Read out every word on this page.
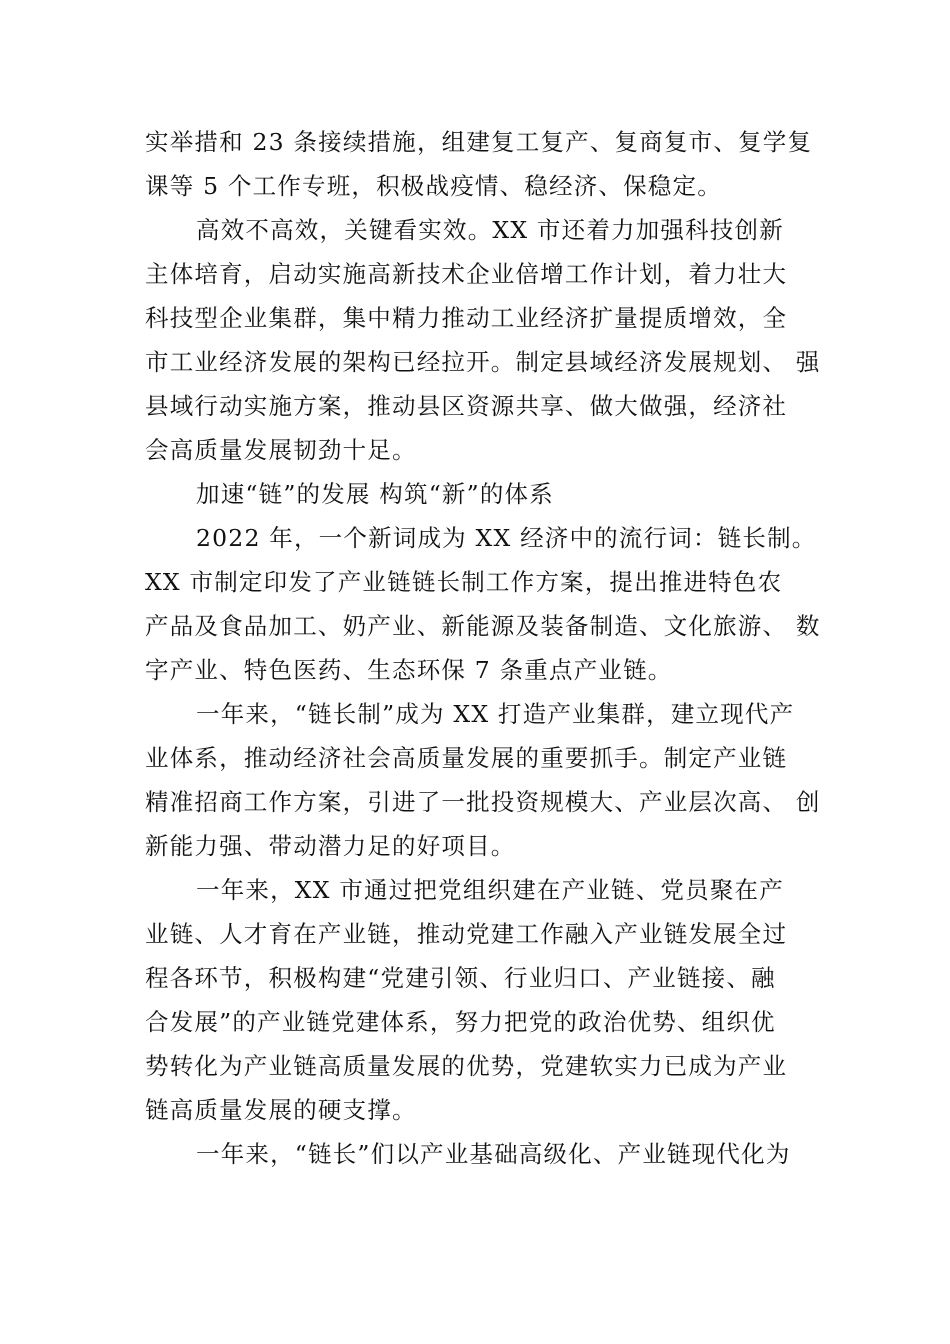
实举措和 23 条接续措施，组建复工复产、复商复市、复学复
课等 5 个工作专班，积极战疫情、稳经济、保稳定。
高效不高效，关键看实效。XX 市还着力加强科技创新
主体培育，启动实施高新技术企业倍增工作计划，着力壮大
科技型企业集群，集中精力推动工业经济扩量提质增效，全
市工业经济发展的架构已经拉开。制定县域经济发展规划、 强
县域行动实施方案，推动县区资源共享、做大做强，经济社
会高质量发展韧劲十足。
加速“链”的发展 构筑“新”的体系
2022 年，一个新词成为 XX 经济中的流行词：链长制。
XX 市制定印发了产业链链长制工作方案，提出推进特色农
产品及食品加工、奶产业、新能源及装备制造、文化旅游、 数
字产业、特色医药、生态环保 7 条重点产业链。
一年来，“链长制”成为 XX 打造产业集群，建立现代产
业体系，推动经济社会高质量发展的重要抓手。制定产业链
精准招商工作方案，引进了一批投资规模大、产业层次高、 创
新能力强、带动潜力足的好项目。
一年来，XX 市通过把党组织建在产业链、党员聚在产
业链、人才育在产业链，推动党建工作融入产业链发展全过
程各环节，积极构建“党建引领、行业归口、产业链接、融
合发展”的产业链党建体系，努力把党的政治优势、组织优
势转化为产业链高质量发展的优势，党建软实力已成为产业
链高质量发展的硬支撑。
一年来，“链长”们以产业基础高级化、产业链现代化为
